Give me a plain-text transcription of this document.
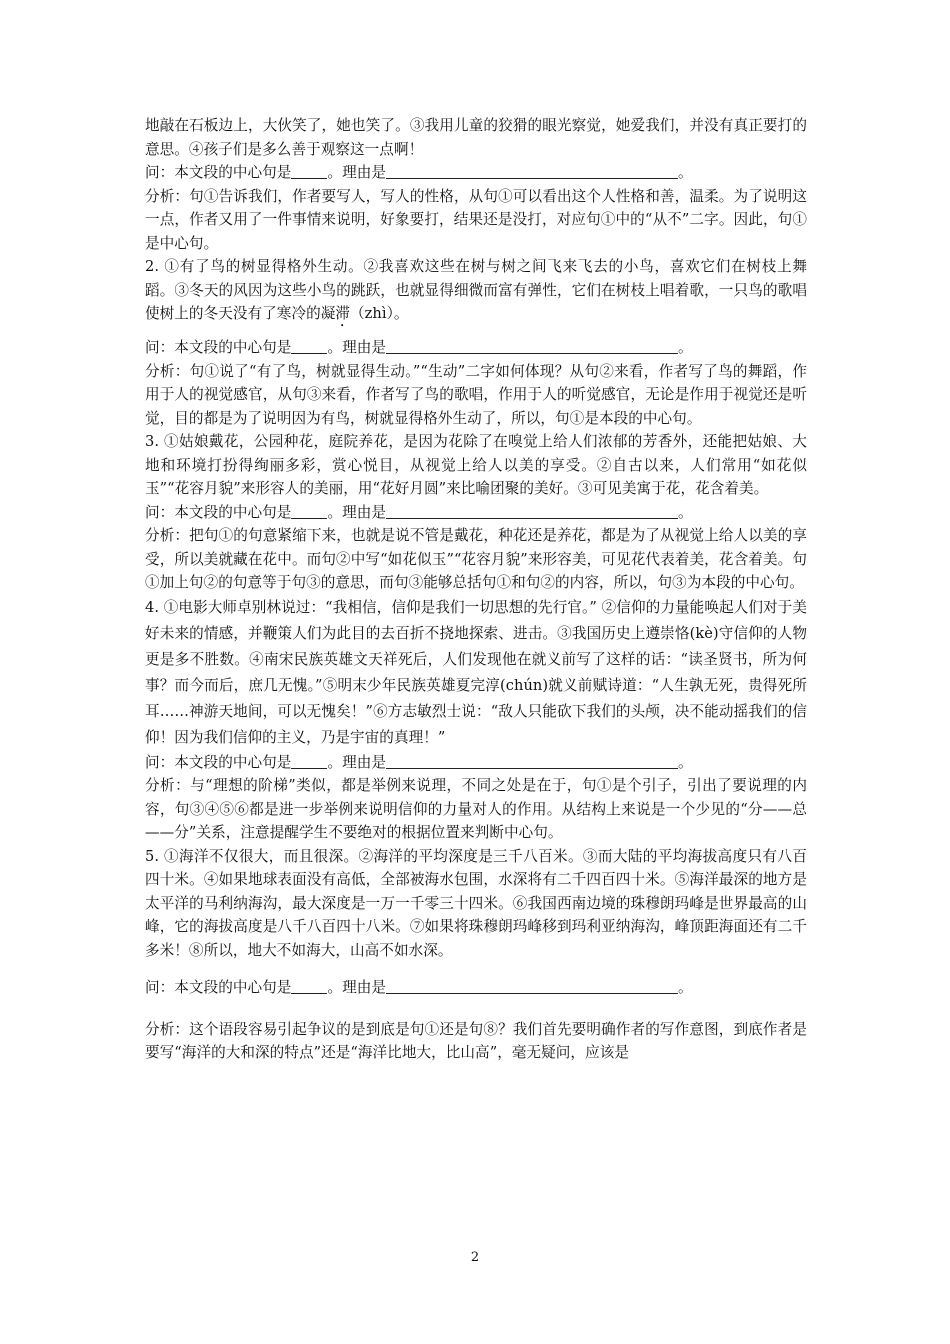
地敲在石板边上，大伙笑了，她也笑了。③我用儿童的狡猾的眼光察觉，她爱我们，并没有真正要打的意思。④孩子们是多么善于观察这一点啊！

问：本文段的中心句是 。理由是	。

分析：句①告诉我们，作者要写人，写人的性格，从句①可以看出这个人性格和善，温柔。为了说明这一点，作者又用了一件事情来说明，好象要打，结果还是没打，对应句①中的“从不”二字。因此，句①是中心句。

2. ①有了鸟的树显得格外生动。②我喜欢这些在树与树之间飞来飞去的小鸟，喜欢它们在树枝上舞蹈。③冬天的风因为这些小鸟的跳跃，也就显得细微而富有弹性，它们在树枝上唱着歌，一只鸟的歌唱使树上的冬天没有了寒冷的凝滞（zhì）。

问：本文段的中心句是 。理由是	。

分析：句①说了“有了鸟，树就显得生动。”“生动”二字如何体现？从句②来看，作者写了鸟的舞蹈，作用于人的视觉感官，从句③来看，作者写了鸟的歌唱，作用于人的听觉感官，无论是作用于视觉还是听觉，目的都是为了说明因为有鸟，树就显得格外生动了，所以，句①是本段的中心句。

3. ①姑娘戴花，公园种花，庭院养花，是因为花除了在嗅觉上给人们浓郁的芳香外，还能把姑娘、大地和环境打扮得绚丽多彩，赏心悦目，从视觉上给人以美的享受。②自古以来，人们常用“如花似玉”“花容月貌”来形容人的美丽，用“花好月圆”来比喻团聚的美好。③可见美寓于花，花含着美。

问：本文段的中心句是 。理由是	。

分析：把句①的句意紧缩下来，也就是说不管是戴花，种花还是养花，都是为了从视觉上给人以美的享受，所以美就藏在花中。而句②中写“如花似玉”“花容月貌”来形容美，可见花代表着美，花含着美。句①加上句②的句意等于句③的意思，而句③能够总括句①和句②的内容，所以，句③为本段的中心句。

4. ①电影大师卓别林说过：“我相信，信仰是我们一切思想的先行官。” ②信仰的力量能唤起人们对于美好未来的情感，并鞭策人们为此目的去百折不挠地探索、进击。③我国历史上遵崇恪(kè)守信仰的人物更是多不胜数。④南宋民族英雄文天祥死后，人们发现他在就义前写了这样的话：“读圣贤书，所为何事？而今而后，庶几无愧。”⑤明末少年民族英雄夏完淳(chún)就义前赋诗道：“人生孰无死，贵得死所耳……神游天地间，可以无愧矣！”⑥方志敏烈士说：“敌人只能砍下我们的头颅，决不能动摇我们的信仰！因为我们信仰的主义，乃是宇宙的真理！”

问：本文段的中心句是 。理由是	。

分析：与“理想的阶梯”类似，都是举例来说理，不同之处是在于，句①是个引子，引出了要说理的内容，句③④⑤⑥都是进一步举例来说明信仰的力量对人的作用。从结构上来说是一个少见的“分——总——分”关系，注意提醒学生不要绝对的根据位置来判断中心句。

5. ①海洋不仅很大，而且很深。②海洋的平均深度是三千八百米。③而大陆的平均海拔高度只有八百四十米。④如果地球表面没有高低，全部被海水包围，水深将有二千四百四十米。⑤海洋最深的地方是太平洋的马利纳海沟，最大深度是一万一千零三十四米。⑥我国西南边境的珠穆朗玛峰是世界最高的山峰，它的海拔高度是八千八百四十八米。⑦如果将珠穆朗玛峰移到玛利亚纳海沟，峰顶距海面还有二千多米！⑧所以，地大不如海大，山高不如水深。

问：本文段的中心句是 。理由是	。

分析：这个语段容易引起争议的是到底是句①还是句⑧？我们首先要明确作者的写作意图，到底作者是要写“海洋的大和深的特点”还是“海洋比地大，比山高”，毫无疑问，应该是

2
